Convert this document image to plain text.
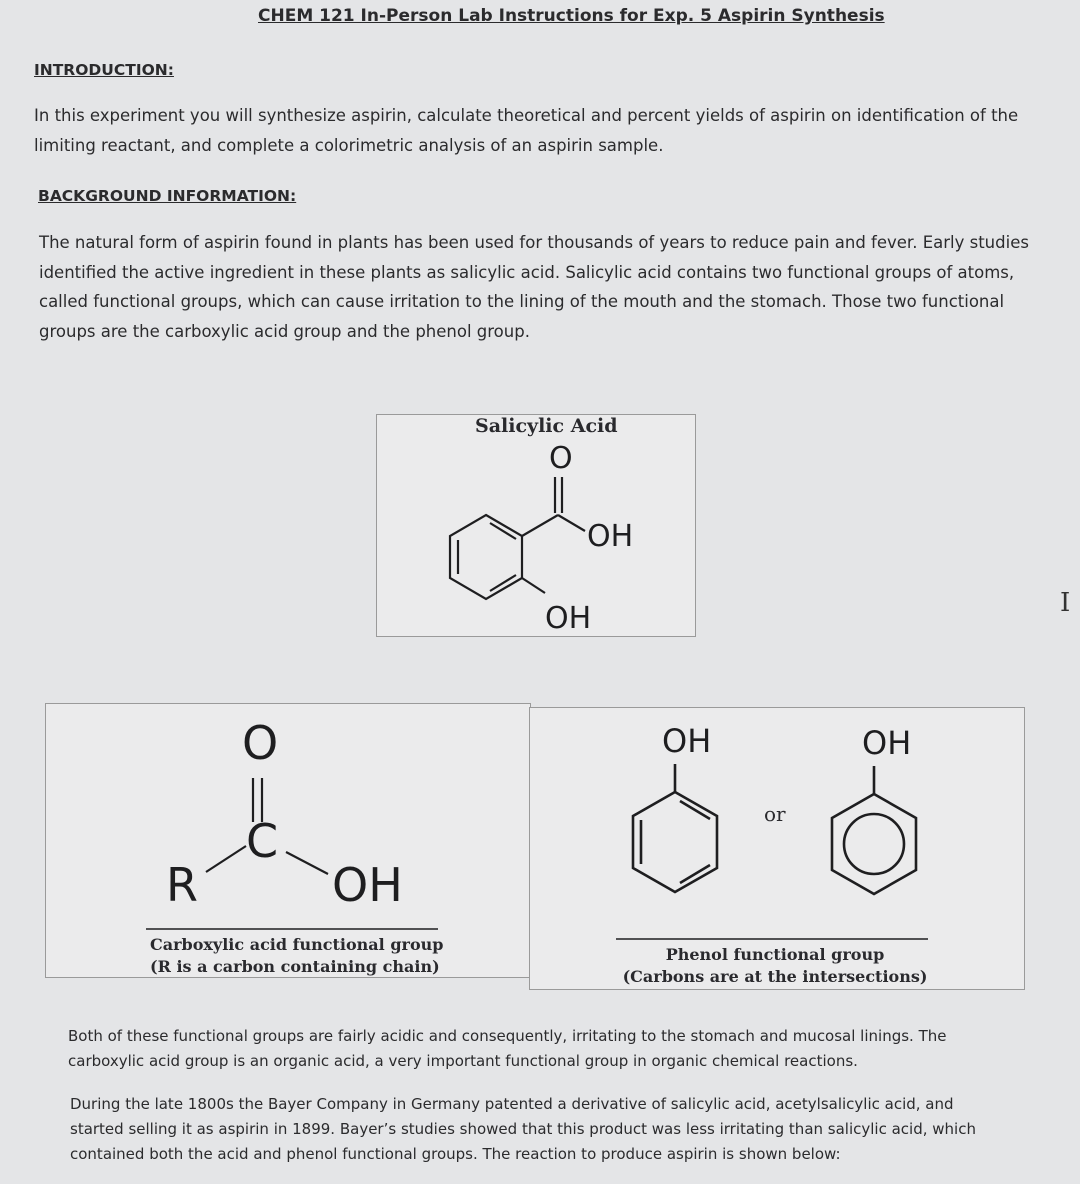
CHEM 121 In-Person Lab Instructions for Exp. 5 Aspirin Synthesis
INTRODUCTION:
In this experiment you will synthesize aspirin, calculate theoretical and percent yields of aspirin on identification of the
limiting reactant, and complete a colorimetric analysis of an aspirin sample.
BACKGROUND INFORMATION:
The natural form of aspirin found in plants has been used for thousands of years to reduce pain and fever. Early studies
identified the active ingredient in these plants as salicylic acid. Salicylic acid contains two functional groups of atoms,
called functional groups, which can cause irritation to the lining of the mouth and the stomach. Those two functional
groups are the carboxylic acid group and the phenol group.
Salicylic Acid
O
OH
OH
O
C
R	OH
Carboxylic acid functional group
(R is a carbon containing chain)
OH	OH
or
Phenol functional group
(Carbons are at the intersections)
Both of these functional groups are fairly acidic and consequently, irritating to the stomach and mucosal linings. The
carboxylic acid group is an organic acid, a very important functional group in organic chemical reactions.
During the late 1800s the Bayer Company in Germany patented a derivative of salicylic acid, acetylsalicylic acid, and
started selling it as aspirin in 1899. Bayer’s studies showed that this product was less irritating than salicylic acid, which
contained both the acid and phenol functional groups. The reaction to produce aspirin is shown below:
I
